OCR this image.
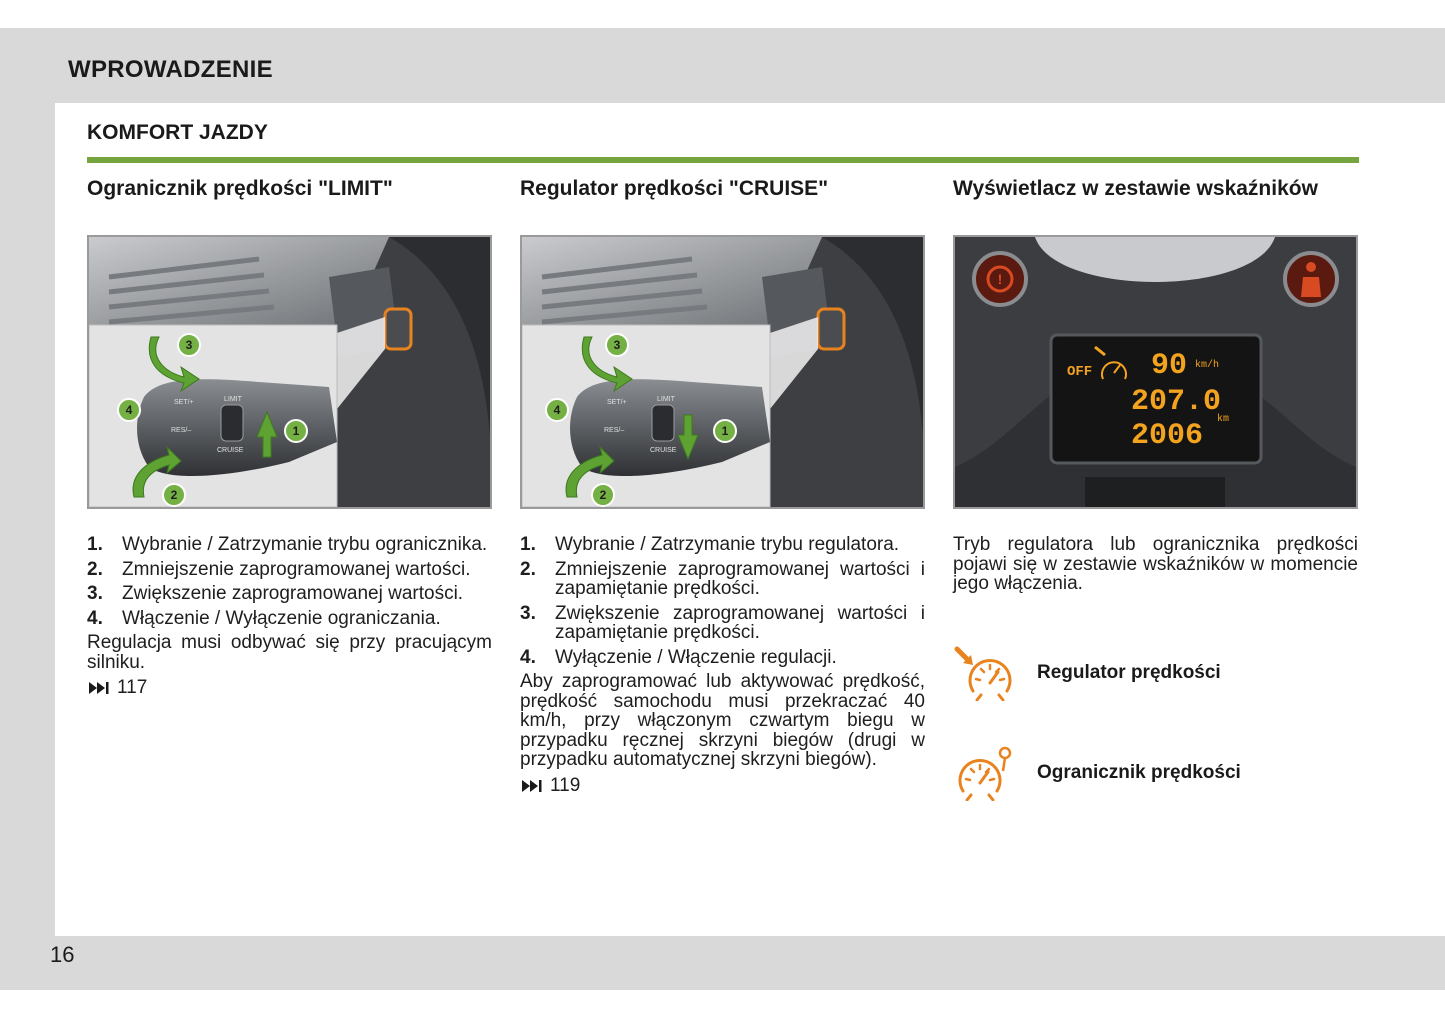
WPROWADZENIE
16
KOMFORT JAZDY
Ogranicznik prędkości "LIMIT"
SET/+
RES/–
LIMIT
CRUISE
3
4
1
2
1. Wybranie / Zatrzymanie trybu ogranicznika.
2. Zmniejszenie zaprogramowanej wartości.
3. Zwiększenie zaprogramowanej wartości.
4. Włączenie / Wyłączenie ograniczania.

Regulacja musi odbywać się przy pracującym silniku.

117
Regulator prędkości "CRUISE"
SET/+
RES/–
LIMIT
CRUISE
3
4
1
2
1. Wybranie / Zatrzymanie trybu regulatora.
2. Zmniejszenie zaprogramowanej wartości i zapamiętanie prędkości.
3. Zwiększenie zaprogramowanej wartości i zapamiętanie prędkości.
4. Wyłączenie / Włączenie regulacji.

Aby zaprogramować lub aktywować prędkość, prędkość samochodu musi przekraczać 40 km/h, przy włączonym czwartym biegu w przypadku ręcznej skrzyni biegów (drugi w przypadku automatycznej skrzyni biegów).

119
Wyświetlacz w zestawie wskaźników
!
OFF 90 km/h
207.0
2006 km

Tryb regulatora lub ogranicznika prędkości pojawi się w zestawie wskaźników w momencie jego włączenia.

Regulator prędkości
Ogranicznik prędkości
